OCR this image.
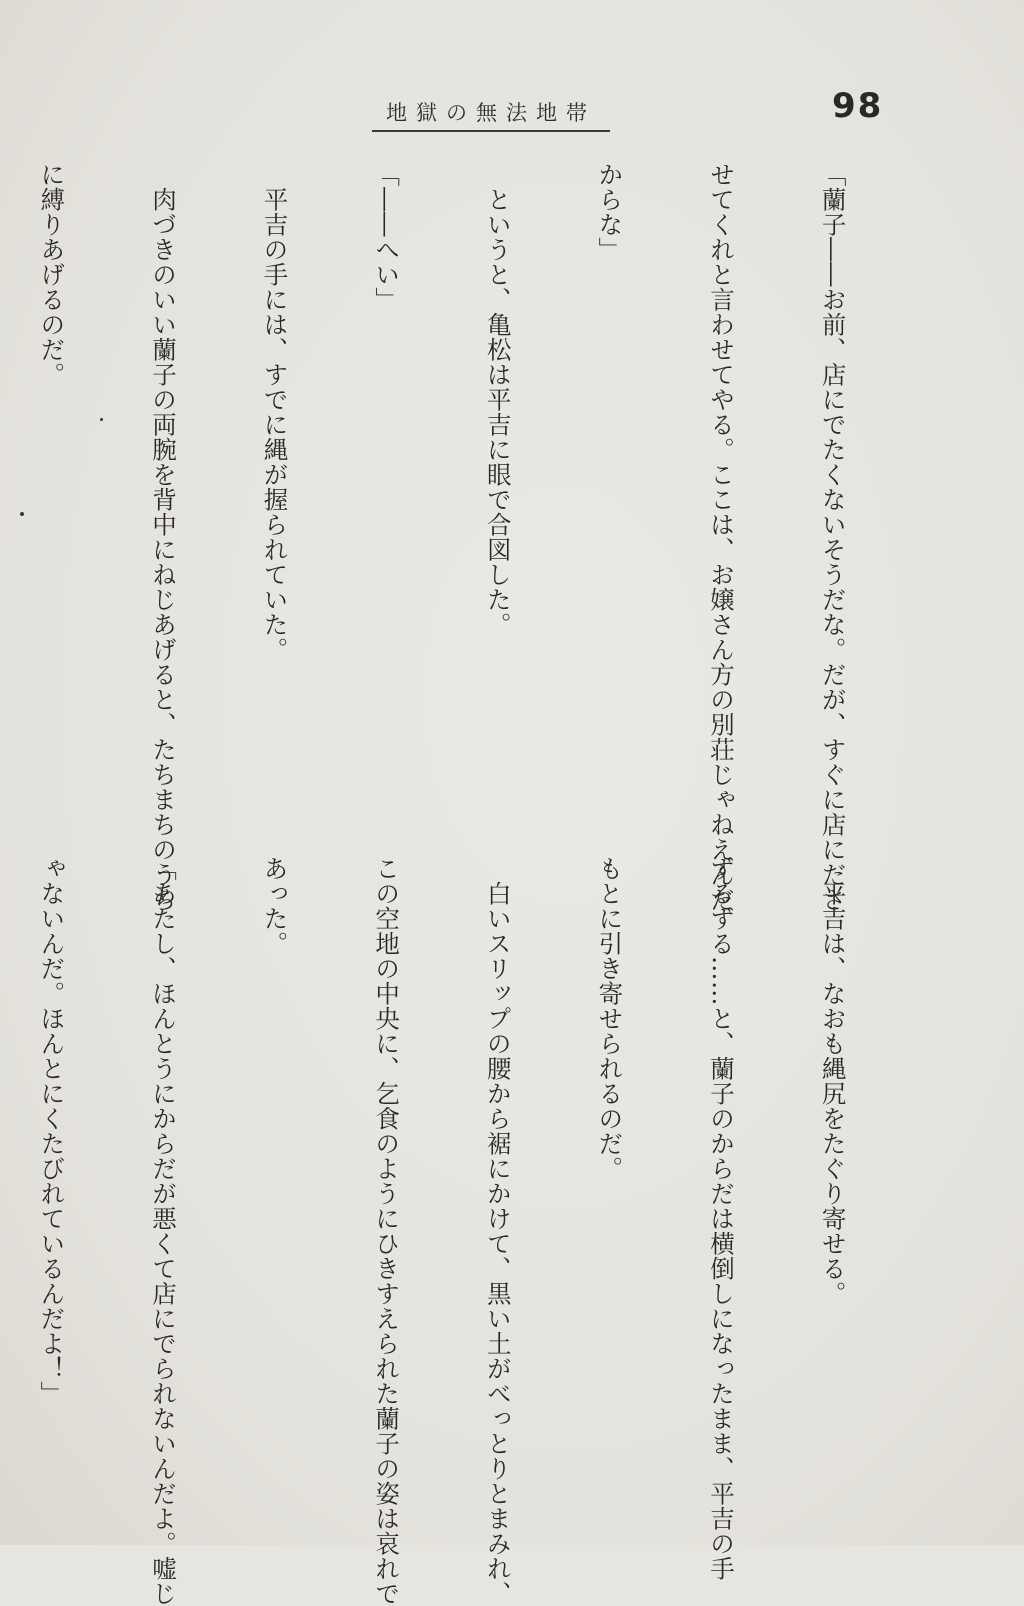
地獄の無法地帯	98

「蘭子――お前、店にでたくないそうだな。だが、すぐに店にださ

せてくれと言わせてやる。ここは、お嬢さん方の別荘じゃねえんだ

からな」

　というと、亀松は平吉に眼で合図した。

「――へい」

　平吉の手には、すでに縄が握られていた。

　肉づきのいい蘭子の両腕を背中にねじあげると、たちまちのうち

に縛りあげるのだ。

　平吉は、なおも縄尻をたぐり寄せる。

ずるずる……と、蘭子のからだは横倒しになったまま、平吉の手

もとに引き寄せられるのだ。

　白いスリップの腰から裾にかけて、黒い土がべっとりとまみれ、

この空地の中央に、乞食のようにひきすえられた蘭子の姿は哀れで

あった。

「あたし、ほんとうにからだが悪くて店にでられないんだよ。嘘じ

ゃないんだ。ほんとにくたびれているんだよ！」
